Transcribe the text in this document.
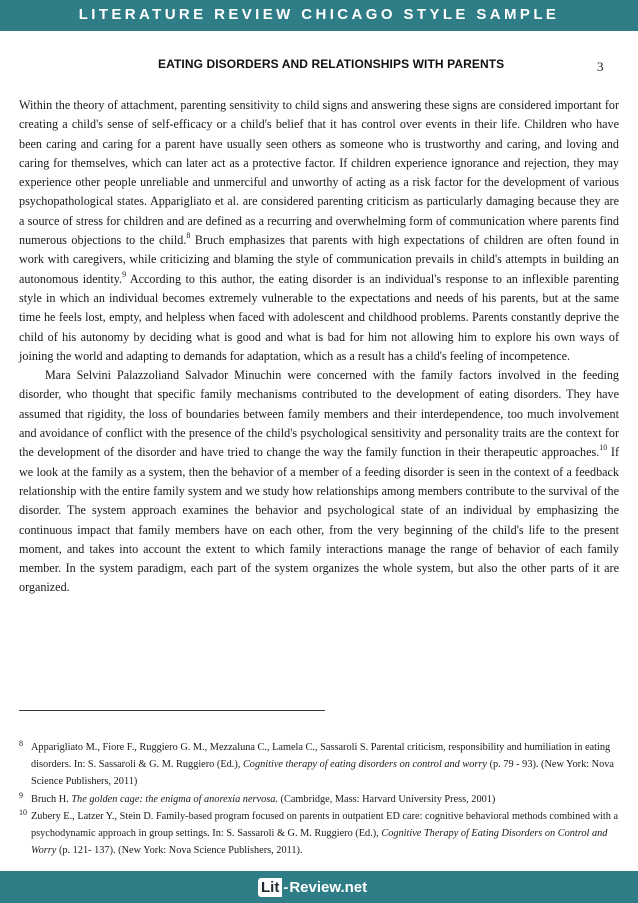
LITERATURE REVIEW CHICAGO STYLE SAMPLE
EATING DISORDERS AND RELATIONSHIPS WITH PARENTS	3

Within the theory of attachment, parenting sensitivity to child signs and answering these signs are considered important for creating a child's sense of self-efficacy or a child's belief that it has control over events in their life. Children who have been caring and caring for a parent have usually seen others as someone who is trustworthy and caring, and loving and caring for themselves, which can later act as a protective factor. If children experience ignorance and rejection, they may experience other people unreliable and unmerciful and unworthy of acting as a risk factor for the development of various psychopathological states. Apparigliato et al. are considered parenting criticism as particularly damaging because they are a source of stress for children and are defined as a recurring and overwhelming form of communication where parents find numerous objections to the child.$^8$ Bruch emphasizes that parents with high expectations of children are often found in work with caregivers, while criticizing and blaming the style of communication prevails in child's attempts in building an autonomous identity.$^9$ According to this author, the eating disorder is an individual's response to an inflexible parenting style in which an individual becomes extremely vulnerable to the expectations and needs of his parents, but at the same time he feels lost, empty, and helpless when faced with adolescent and childhood problems. Parents constantly deprive the child of his autonomy by deciding what is good and what is bad for him not allowing him to explore his own ways of joining the world and adapting to demands for adaptation, which as a result has a child's feeling of incompetence.

Mara Selvini Palazzoliand Salvador Minuchin were concerned with the family factors involved in the feeding disorder, who thought that specific family mechanisms contributed to the development of eating disorders. They have assumed that rigidity, the loss of boundaries between family members and their interdependence, too much involvement and avoidance of conflict with the presence of the child's psychological sensitivity and personality traits are the context for the development of the disorder and have tried to change the way the family function in their therapeutic approaches.$^{10}$ If we look at the family as a system, then the behavior of a member of a feeding disorder is seen in the context of a feedback relationship with the entire family system and we study how relationships among members contribute to the survival of the disorder. The system approach examines the behavior and psychological state of an individual by emphasizing the continuous impact that family members have on each other, from the very beginning of the child's life to the present moment, and takes into account the extent to which family interactions manage the range of behavior of each family member. In the system paradigm, each part of the system organizes the whole system, but also the other parts of it are organized.

8 Apparigliato M., Fiore F., Ruggiero G. M., Mezzaluna C., Lamela C., Sassaroli S. Parental criticism, responsibility and humiliation in eating disorders. In: S. Sassaroli & G. M. Ruggiero (Ed.), Cognitive therapy of eating disorders on control and worry (p. 79 - 93). (New York: Nova Science Publishers, 2011)

9 Bruch H. The golden cage: the enigma of anorexia nervosa. (Cambridge, Mass: Harvard University Press, 2001)

10 Zubery E., Latzer Y., Stein D. Family-based program focused on parents in outpatient ED care: cognitive behavioral methods combined with a psychodynamic approach in group settings. In: S. Sassaroli & G. M. Ruggiero (Ed.), Cognitive Therapy of Eating Disorders on Control and Worry (p. 121- 137). (New York: Nova Science Publishers, 2011).

Lit - Review.net
